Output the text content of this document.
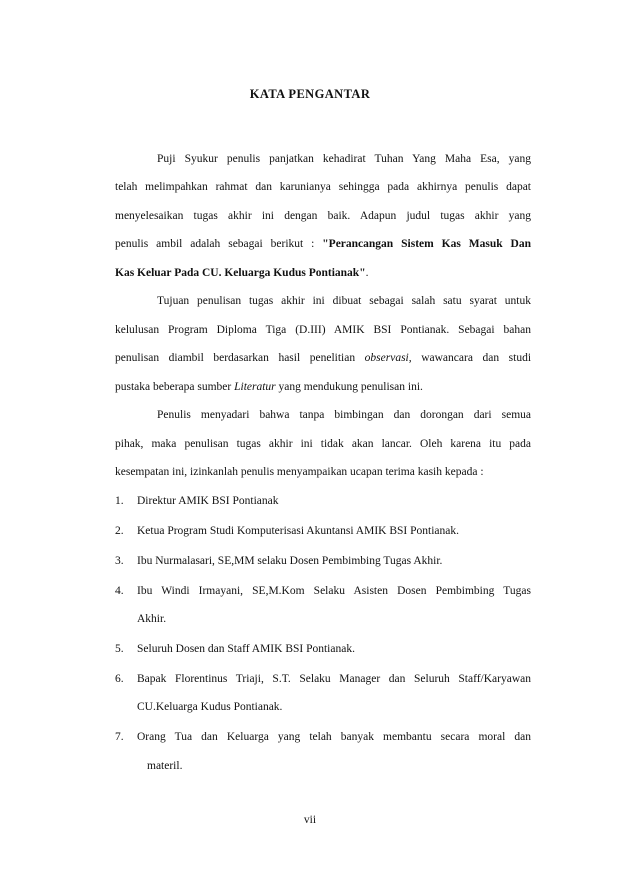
KATA PENGANTAR
Puji Syukur penulis panjatkan kehadirat Tuhan Yang Maha Esa, yang
telah melimpahkan rahmat dan karunianya sehingga pada akhirnya penulis dapat
menyelesaikan tugas akhir ini dengan baik. Adapun judul tugas akhir yang
penulis ambil adalah sebagai berikut : "Perancangan Sistem Kas Masuk Dan
Kas Keluar Pada CU. Keluarga Kudus Pontianak".
Tujuan penulisan tugas akhir ini dibuat sebagai salah satu syarat untuk
kelulusan Program Diploma Tiga (D.III) AMIK BSI Pontianak. Sebagai bahan
penulisan diambil berdasarkan hasil penelitian observasi, wawancara dan studi
pustaka beberapa sumber Literatur yang mendukung penulisan ini.
Penulis menyadari bahwa tanpa bimbingan dan dorongan dari semua
pihak, maka penulisan tugas akhir ini tidak akan lancar. Oleh karena itu pada
kesempatan ini, izinkanlah penulis menyampaikan ucapan terima kasih kepada :
1. Direktur AMIK BSI Pontianak
2. Ketua Program Studi Komputerisasi Akuntansi AMIK BSI Pontianak.
3. Ibu Nurmalasari, SE,MM selaku Dosen Pembimbing Tugas Akhir.
4. Ibu Windi Irmayani, SE,M.Kom Selaku Asisten Dosen Pembimbing Tugas
Akhir.
5. Seluruh Dosen dan Staff AMIK BSI Pontianak.
6. Bapak Florentinus Triaji, S.T. Selaku Manager dan Seluruh Staff/Karyawan
CU.Keluarga Kudus Pontianak.
7. Orang Tua dan Keluarga yang telah banyak membantu secara moral dan
materil.
vii
